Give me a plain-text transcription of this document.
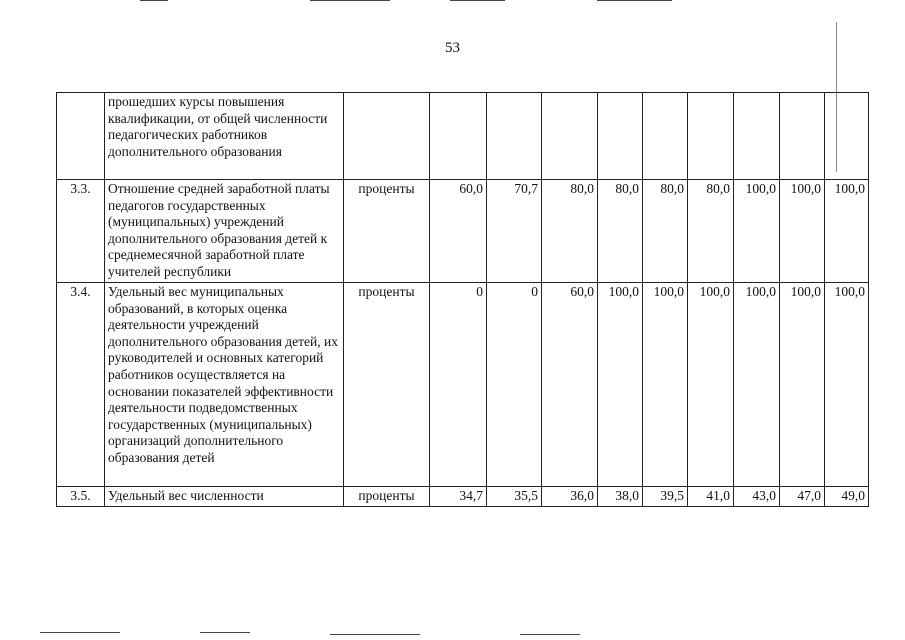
53
	прошедших курсы повышения квалификации, от общей численности педагогических работников дополнительного образования										
3.3.	Отношение средней заработной платы педагогов государственных (муниципальных) учреждений дополнительного образования детей к среднемесячной заработной плате учителей республики	проценты	60,0	70,7	80,0	80,0	80,0	80,0	100,0	100,0	100,0
3.4.	Удельный вес муниципальных образований, в которых оценка деятельности учреждений дополнительного образования детей, их руководителей и основных категорий работников осуществляется на основании показателей эффективности деятельности подведомственных государственных (муниципальных) организаций дополнительного образования детей	проценты	0	0	60,0	100,0	100,0	100,0	100,0	100,0	100,0
3.5.	Удельный вес численности	проценты	34,7	35,5	36,0	38,0	39,5	41,0	43,0	47,0	49,0
